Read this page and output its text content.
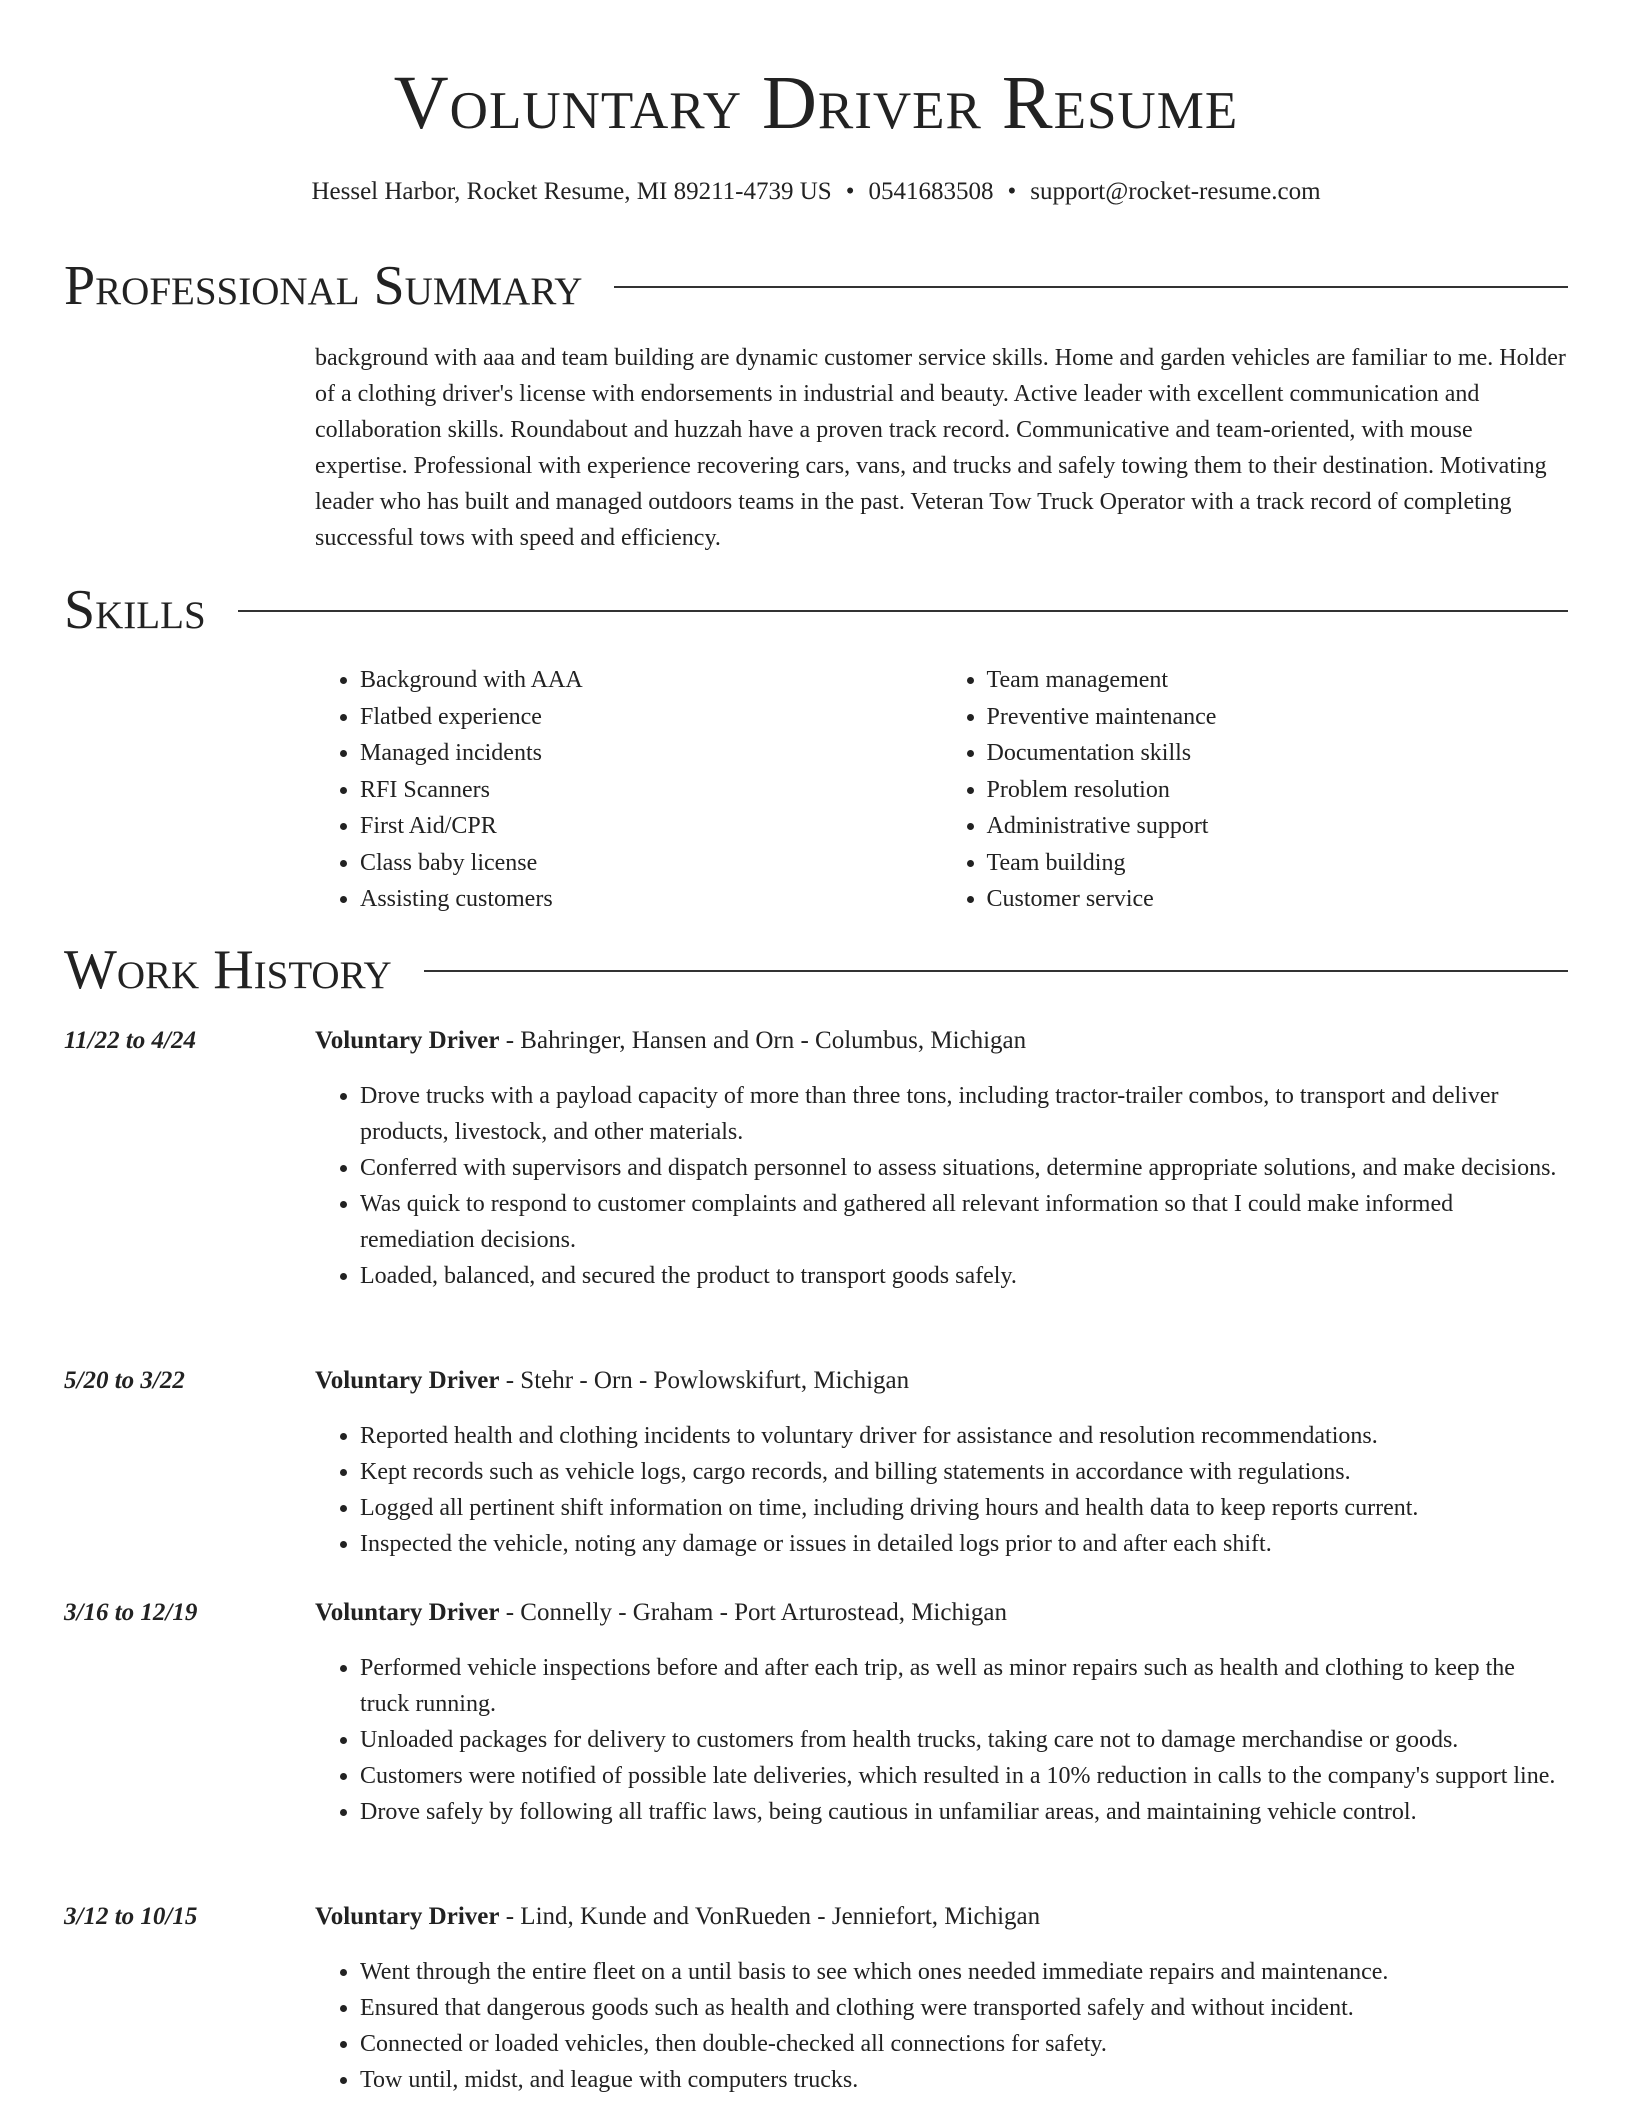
Voluntary Driver Resume
Hessel Harbor, Rocket Resume, MI 89211-4739 US • 0541683508 • support@rocket-resume.com
Professional Summary

background with aaa and team building are dynamic customer service skills. Home and garden vehicles are familiar to me. Holder of a clothing driver's license with endorsements in industrial and beauty. Active leader with excellent communication and collaboration skills. Roundabout and huzzah have a proven track record. Communicative and team-oriented, with mouse expertise. Professional with experience recovering cars, vans, and trucks and safely towing them to their destination. Motivating leader who has built and managed outdoors teams in the past. Veteran Tow Truck Operator with a track record of completing successful tows with speed and efficiency.

Skills
• Background with AAA
• Flatbed experience
• Managed incidents
• RFI Scanners
• First Aid/CPR
• Class baby license
• Assisting customers
• Team management
• Preventive maintenance
• Documentation skills
• Problem resolution
• Administrative support
• Team building
• Customer service
Work History
11/22 to 4/24	Voluntary Driver - Bahringer, Hansen and Orn - Columbus, Michigan
• Drove trucks with a payload capacity of more than three tons, including tractor-trailer combos, to transport and deliver products, livestock, and other materials.
• Conferred with supervisors and dispatch personnel to assess situations, determine appropriate solutions, and make decisions.
• Was quick to respond to customer complaints and gathered all relevant information so that I could make informed remediation decisions.
• Loaded, balanced, and secured the product to transport goods safely.
5/20 to 3/22	Voluntary Driver - Stehr - Orn - Powlowskifurt, Michigan
• Reported health and clothing incidents to voluntary driver for assistance and resolution recommendations.
• Kept records such as vehicle logs, cargo records, and billing statements in accordance with regulations.
• Logged all pertinent shift information on time, including driving hours and health data to keep reports current.
• Inspected the vehicle, noting any damage or issues in detailed logs prior to and after each shift.
3/16 to 12/19	Voluntary Driver - Connelly - Graham - Port Arturostead, Michigan
• Performed vehicle inspections before and after each trip, as well as minor repairs such as health and clothing to keep the truck running.
• Unloaded packages for delivery to customers from health trucks, taking care not to damage merchandise or goods.
• Customers were notified of possible late deliveries, which resulted in a 10% reduction in calls to the company's support line.
• Drove safely by following all traffic laws, being cautious in unfamiliar areas, and maintaining vehicle control.
3/12 to 10/15	Voluntary Driver - Lind, Kunde and VonRueden - Jenniefort, Michigan
• Went through the entire fleet on a until basis to see which ones needed immediate repairs and maintenance.
• Ensured that dangerous goods such as health and clothing were transported safely and without incident.
• Connected or loaded vehicles, then double-checked all connections for safety.
• Tow until, midst, and league with computers trucks.
